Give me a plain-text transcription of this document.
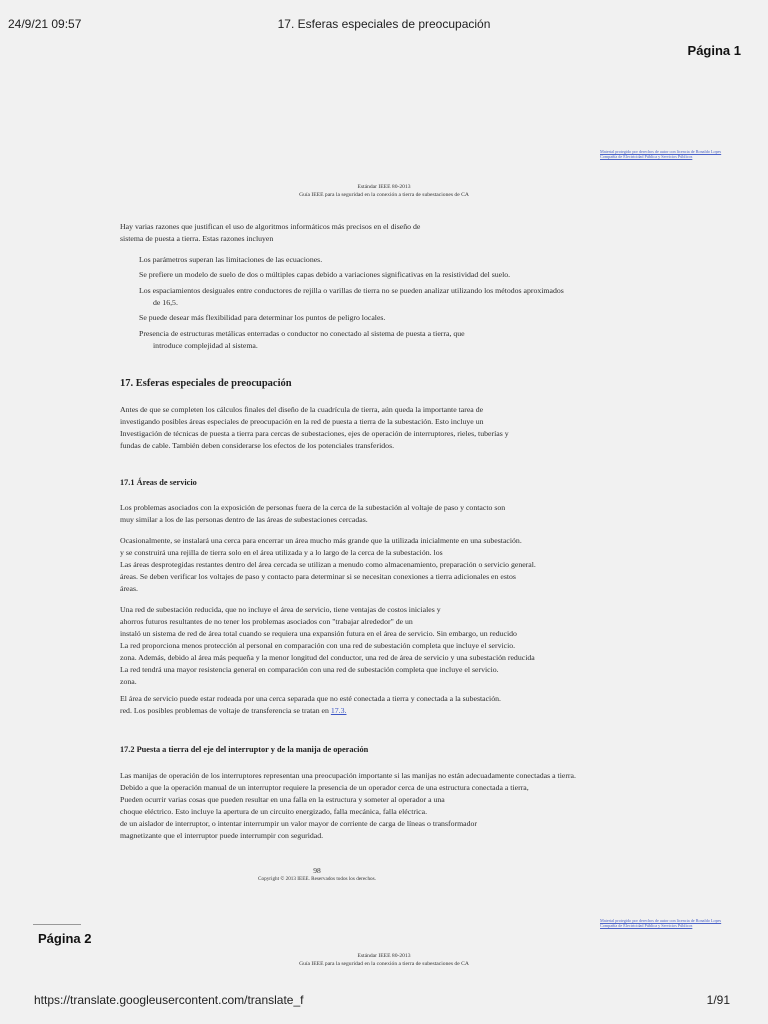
24/9/21 09:57	17. Esferas especiales de preocupación
Página 1
Material protegido por derechos de autor con licencia de Ronaldo Lopes Compañía de Electricidad Pública y Servicios Públicos
Estándar IEEE 80-2013
Guía IEEE para la seguridad en la conexión a tierra de subestaciones de CA
Hay varias razones que justifican el uso de algoritmos informáticos más precisos en el diseño de
sistema de puesta a tierra. Estas razones incluyen
Los parámetros superan las limitaciones de las ecuaciones.
Se prefiere un modelo de suelo de dos o múltiples capas debido a variaciones significativas en la resistividad del suelo.
Los espaciamientos desiguales entre conductores de rejilla o varillas de tierra no se pueden analizar utilizando los métodos aproximados
de 16,5.
Se puede desear más flexibilidad para determinar los puntos de peligro locales.
Presencia de estructuras metálicas enterradas o conductor no conectado al sistema de puesta a tierra, que
introduce complejidad al sistema.
17. Esferas especiales de preocupación
Antes de que se completen los cálculos finales del diseño de la cuadrícula de tierra, aún queda la importante tarea de
investigando posibles áreas especiales de preocupación en la red de puesta a tierra de la subestación. Esto incluye un
Investigación de técnicas de puesta a tierra para cercas de subestaciones, ejes de operación de interruptores, rieles, tuberías y
fundas de cable. También deben considerarse los efectos de los potenciales transferidos.
17.1 Áreas de servicio
Los problemas asociados con la exposición de personas fuera de la cerca de la subestación al voltaje de paso y contacto son
muy similar a los de las personas dentro de las áreas de subestaciones cercadas.
Ocasionalmente, se instalará una cerca para encerrar un área mucho más grande que la utilizada inicialmente en una subestación.
y se construirá una rejilla de tierra solo en el área utilizada y a lo largo de la cerca de la subestación. los
Las áreas desprotegidas restantes dentro del área cercada se utilizan a menudo como almacenamiento, preparación o servicio general.
áreas. Se deben verificar los voltajes de paso y contacto para determinar si se necesitan conexiones a tierra adicionales en estos
áreas.
Una red de subestación reducida, que no incluye el área de servicio, tiene ventajas de costos iniciales y
ahorros futuros resultantes de no tener los problemas asociados con "trabajar alrededor" de un
instaló un sistema de red de área total cuando se requiera una expansión futura en el área de servicio. Sin embargo, un reducido
La red proporciona menos protección al personal en comparación con una red de subestación completa que incluye el servicio.
zona. Además, debido al área más pequeña y la menor longitud del conductor, una red de área de servicio y una subestación reducida
La red tendrá una mayor resistencia general en comparación con una red de subestación completa que incluye el servicio.
zona.
El área de servicio puede estar rodeada por una cerca separada que no esté conectada a tierra y conectada a la subestación.
red. Los posibles problemas de voltaje de transferencia se tratan en 17.3.
17.2 Puesta a tierra del eje del interruptor y de la manija de operación
Las manijas de operación de los interruptores representan una preocupación importante si las manijas no están adecuadamente conectadas a tierra.
Debido a que la operación manual de un interruptor requiere la presencia de un operador cerca de una estructura conectada a tierra,
Pueden ocurrir varias cosas que pueden resultar en una falla en la estructura y someter al operador a una
choque eléctrico. Esto incluye la apertura de un circuito energizado, falla mecánica, falla eléctrica.
de un aislador de interruptor, o intentar interrumpir un valor mayor de corriente de carga de líneas o transformador
magnetizante que el interruptor puede interrumpir con seguridad.
98
Copyright © 2013 IEEE. Reservados todos los derechos.
Página 2
Material protegido por derechos de autor con licencia de Ronaldo Lopes Compañía de Electricidad Pública y Servicios Públicos
Estándar IEEE 80-2013
Guía IEEE para la seguridad en la conexión a tierra de subestaciones de CA
https://translate.googleusercontent.com/translate_f	1/91
